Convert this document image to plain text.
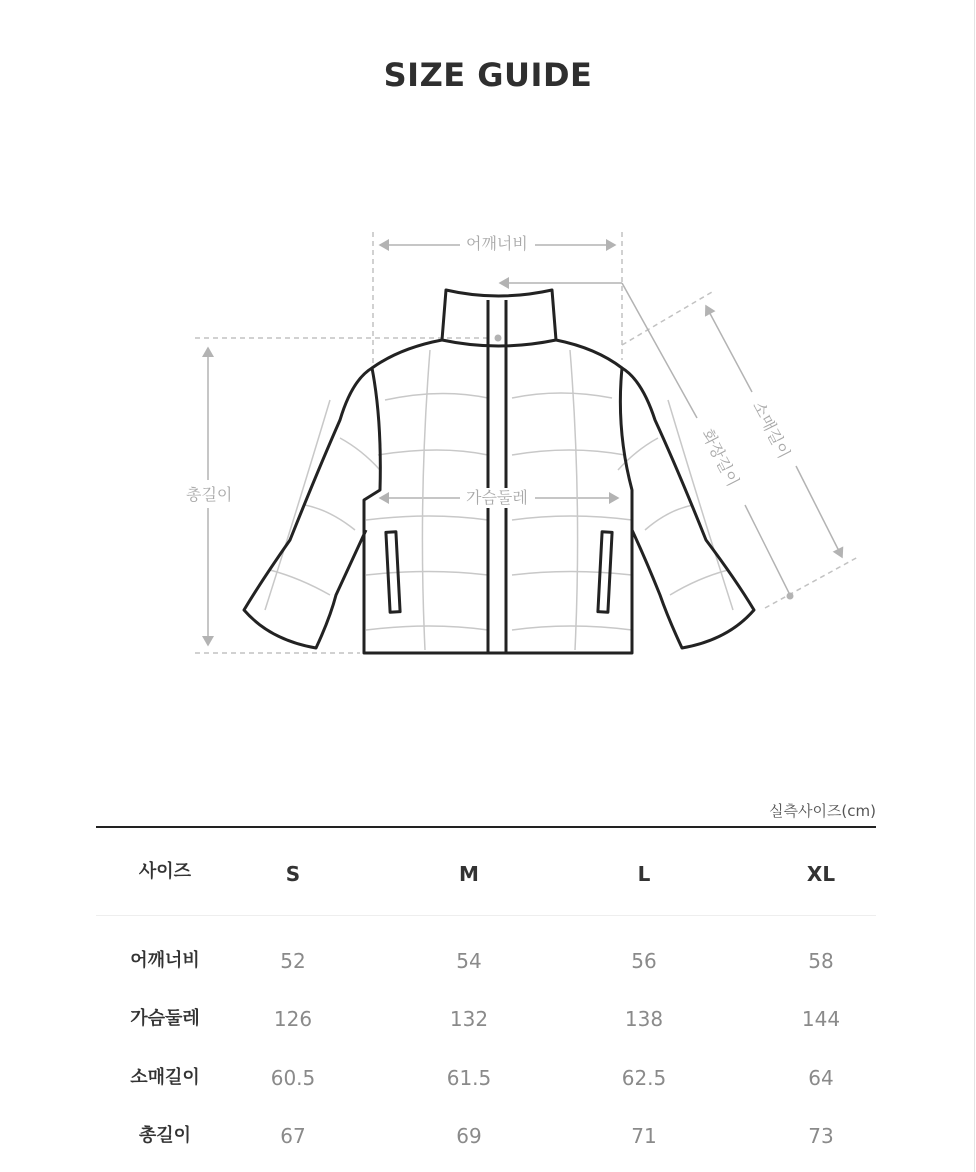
SIZE GUIDE
어깨너비
가슴둘레
총길이
소매길이
화장길이
실측사이즈(cm)
사이즈	S	M	L	XL
어깨너비	52	54	56	58
가슴둘레	126	132	138	144
소매길이	60.5	61.5	62.5	64
총길이	67	69	71	73
